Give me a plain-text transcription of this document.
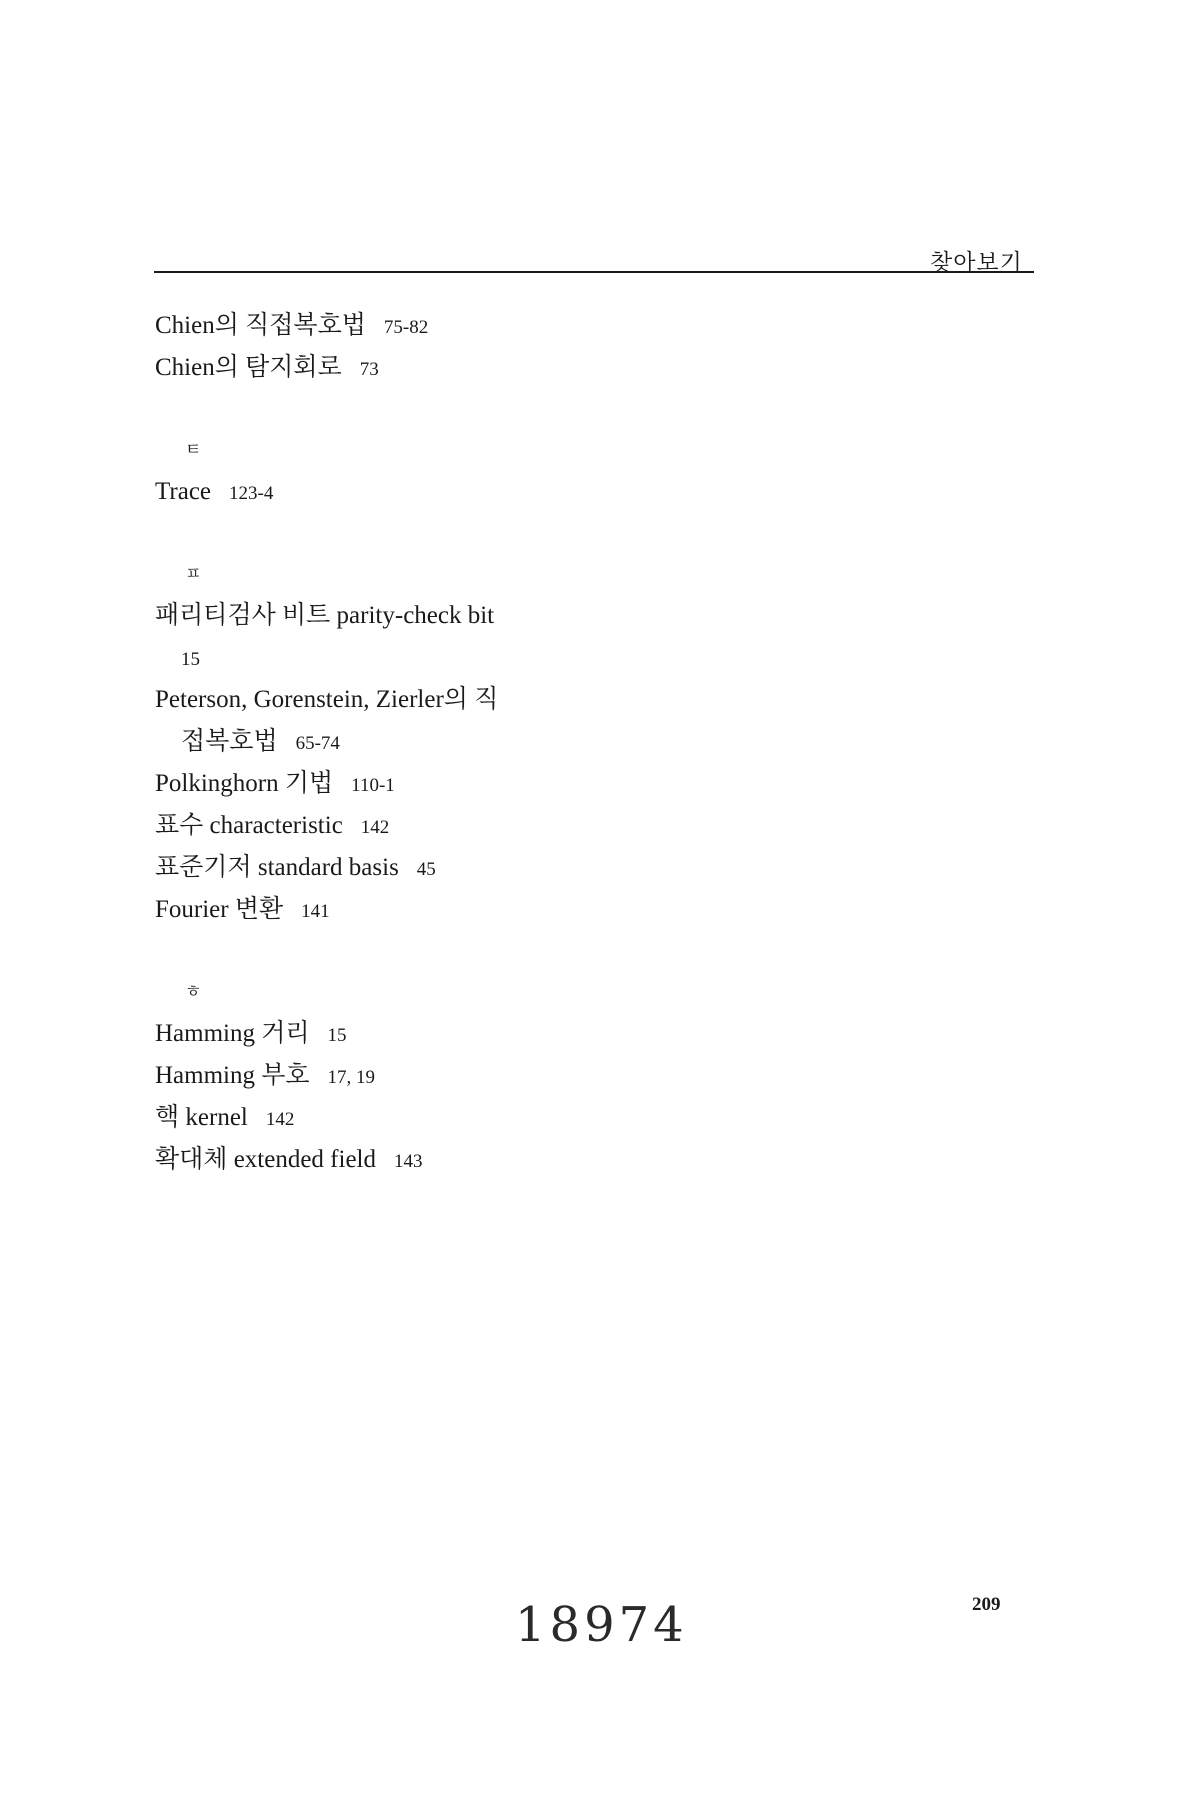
찾아보기
Chien의 직접복호법 75-82
Chien의 탐지회로 73
ㅌ
Trace 123-4
ㅍ
패리티검사 비트 parity-check bit
15
Peterson, Gorenstein, Zierler의 직
접복호법 65-74
Polkinghorn 기법 110-1
표수 characteristic 142
표준기저 standard basis 45
Fourier 변환 141
ㅎ
Hamming 거리 15
Hamming 부호 17, 19
핵 kernel 142
확대체 extended field 143
18974	209
